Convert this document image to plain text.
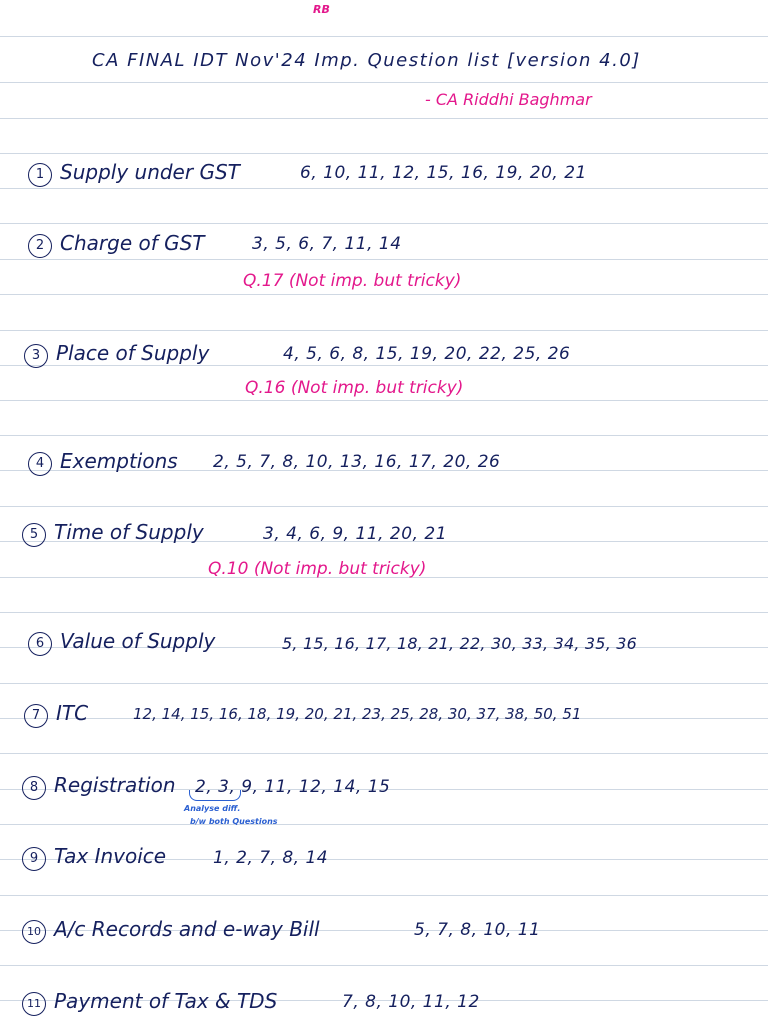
RB
CA FINAL IDT Nov'24 Imp. Question list [version 4.0]
- CA Riddhi Baghmar
1 Supply under GST	6, 10, 11, 12, 15, 16, 19, 20, 21
2 Charge of GST	3, 5, 6, 7, 11, 14
Q.17 (Not imp. but tricky)
3 Place of Supply	4, 5, 6, 8, 15, 19, 20, 22, 25, 26
Q.16 (Not imp. but tricky)
4 Exemptions 2, 5, 7, 8, 10, 13, 16, 17, 20, 26
5 Time of Supply	3, 4, 6, 9, 11, 20, 21
Q.10 (Not imp. but tricky)
6 Value of Supply	5, 15, 16, 17, 18, 21, 22, 30, 33, 34, 35, 36
7 ITC	12, 14, 15, 16, 18, 19, 20, 21, 23, 25, 28, 30, 37, 38, 50, 51
8 Registration 2, 3, 9, 11, 12, 14, 15
Analyse diff.
b/w both Questions
9 Tax Invoice	1, 2, 7, 8, 14
10 A/c Records and e-way Bill	5, 7, 8, 10, 11
11 Payment of Tax & TDS	7, 8, 10, 11, 12
